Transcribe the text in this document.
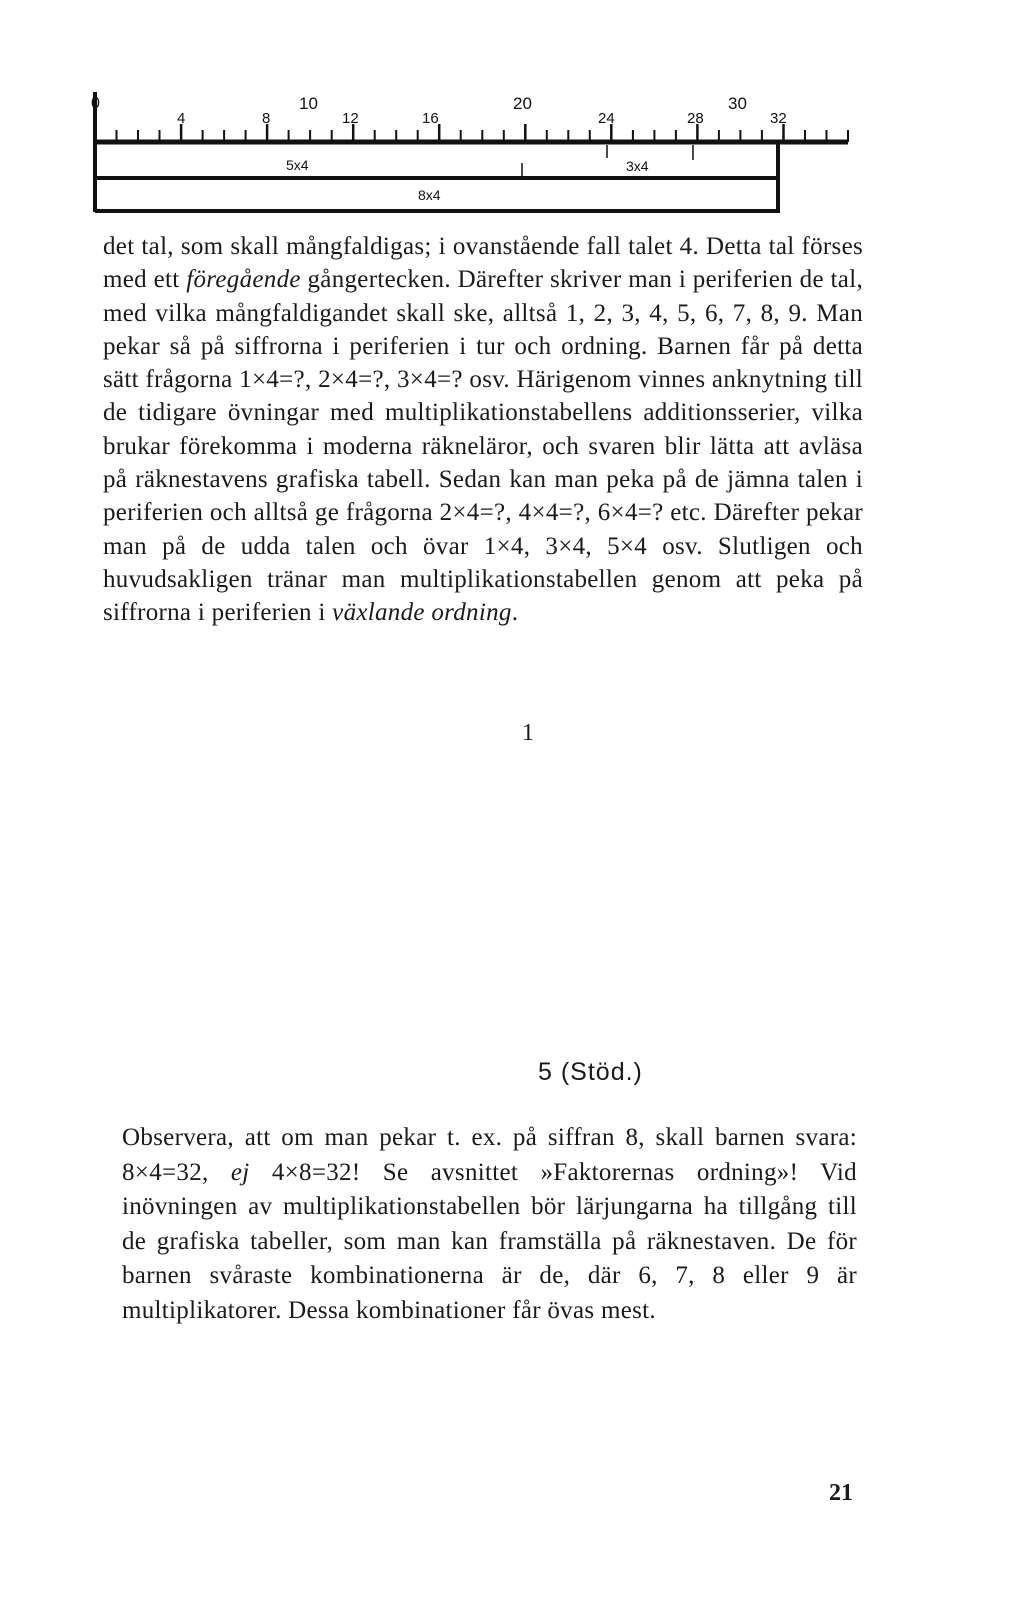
0	10	20	30
4	8	12	16	24	28	32
5x4	3x4
8x4

det tal, som skall mångfaldigas; i ovanstående fall talet 4. Detta tal förses med ett föregående gångertecken. Därefter skriver man i periferien de tal, med vilka mångfaldigandet skall ske, alltså 1, 2, 3, 4, 5, 6, 7, 8, 9. Man pekar så på siffrorna i periferien i tur och ordning. Barnen får på detta sätt frågorna 1×4=?, 2×4=?, 3×4=? osv. Härigenom vinnes anknytning till de tidigare övningar med multiplikationstabellens additionsserier, vilka brukar förekomma i moderna räkneläror, och svaren blir lätta att avläsa på räknestavens grafiska tabell. Sedan kan man peka på de jämna talen i periferien och alltså ge frågorna 2×4=?, 4×4=?, 6×4=? etc. Därefter pekar man på de udda talen och övar 1×4, 3×4, 5×4 osv. Slutligen och huvudsakligen tränar man multiplikationstabellen genom att peka på siffrorna i periferien i växlande ordning.

1
5 (Stöd.)

Observera, att om man pekar t. ex. på siffran 8, skall barnen svara: 8×4=32, ej 4×8=32! Se avsnittet »Faktorernas ordning»! Vid inövningen av multiplikationstabellen bör lärjungarna ha tillgång till de grafiska tabeller, som man kan framställa på räknestaven. De för barnen svåraste kombinationerna är de, där 6, 7, 8 eller 9 är multiplikatorer. Dessa kombinationer får övas mest.

21
